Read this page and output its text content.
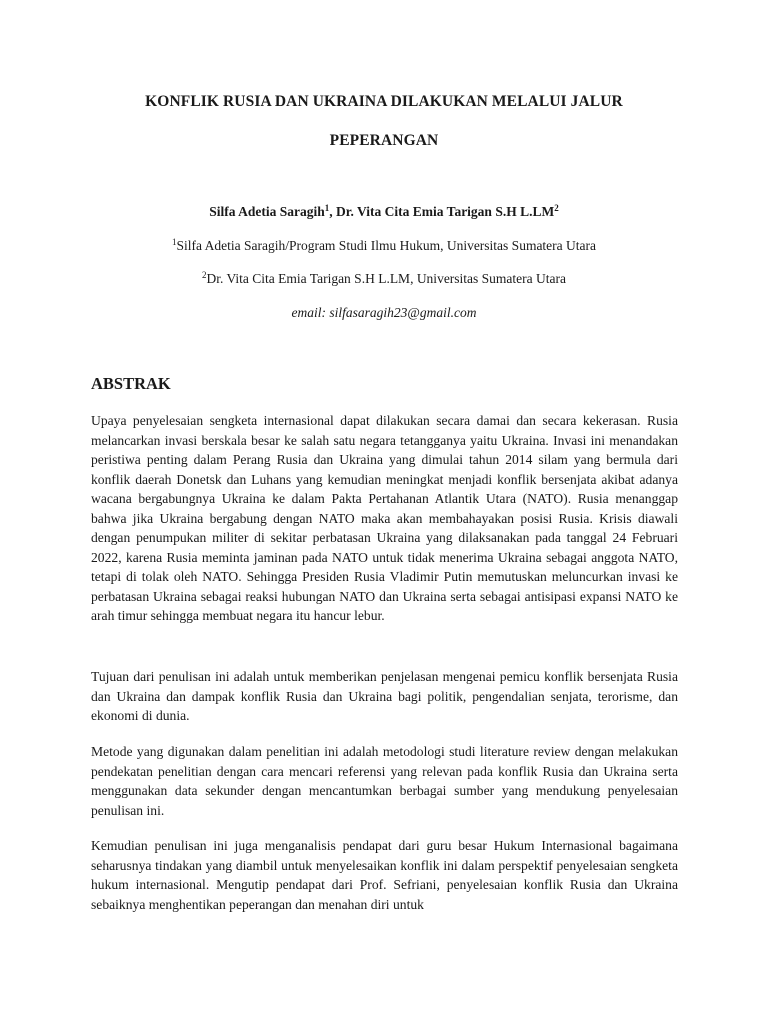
KONFLIK RUSIA DAN UKRAINA DILAKUKAN MELALUI JALUR

PEPERANGAN

Silfa Adetia Saragih$^1$, Dr. Vita Cita Emia Tarigan S.H $L.LM^2$

$^1$Silfa Adetia Saragih/Program Studi Ilmu Hukum, Universitas Sumatera Utara

$^2$Dr. Vita Cita Emia Tarigan S.H L.LM, Universitas Sumatera Utara

email: silfasaragih23@gmail.com

ABSTRAK

Upaya penyelesaian sengketa internasional dapat dilakukan secara damai dan secara kekerasan. Rusia melancarkan invasi berskala besar ke salah satu negara tetangganya yaitu Ukraina. Invasi ini menandakan peristiwa penting dalam Perang Rusia dan Ukraina yang dimulai tahun 2014 silam yang bermula dari konflik daerah Donetsk dan Luhans yang kemudian meningkat menjadi konflik bersenjata akibat adanya wacana bergabungnya Ukraina ke dalam Pakta Pertahanan Atlantik Utara (NATO). Rusia menanggap bahwa jika Ukraina bergabung dengan NATO maka akan membahayakan posisi Rusia. Krisis diawali dengan penumpukan militer di sekitar perbatasan Ukraina yang dilaksanakan pada tanggal 24 Februari 2022, karena Rusia meminta jaminan pada NATO untuk tidak menerima Ukraina sebagai anggota NATO, tetapi di tolak oleh NATO. Sehingga Presiden Rusia Vladimir Putin memutuskan meluncurkan invasi ke perbatasan Ukraina sebagai reaksi hubungan NATO dan Ukraina serta sebagai antisipasi expansi NATO ke arah timur sehingga membuat negara itu hancur lebur.

Tujuan dari penulisan ini adalah untuk memberikan penjelasan mengenai pemicu konflik bersenjata Rusia dan Ukraina dan dampak konflik Rusia dan Ukraina bagi politik, pengendalian senjata, terorisme, dan ekonomi di dunia.

Metode yang digunakan dalam penelitian ini adalah metodologi studi literature review dengan melakukan pendekatan penelitian dengan cara mencari referensi yang relevan pada konflik Rusia dan Ukraina serta menggunakan data sekunder dengan mencantumkan berbagai sumber yang mendukung penyelesaian penulisan ini.

Kemudian penulisan ini juga menganalisis pendapat dari guru besar Hukum Internasional bagaimana seharusnya tindakan yang diambil untuk menyelesaikan konflik ini dalam perspektif penyelesaian sengketa hukum internasional. Mengutip pendapat dari Prof. Sefriani, penyelesaian konflik Rusia dan Ukraina sebaiknya menghentikan peperangan dan menahan diri untuk
